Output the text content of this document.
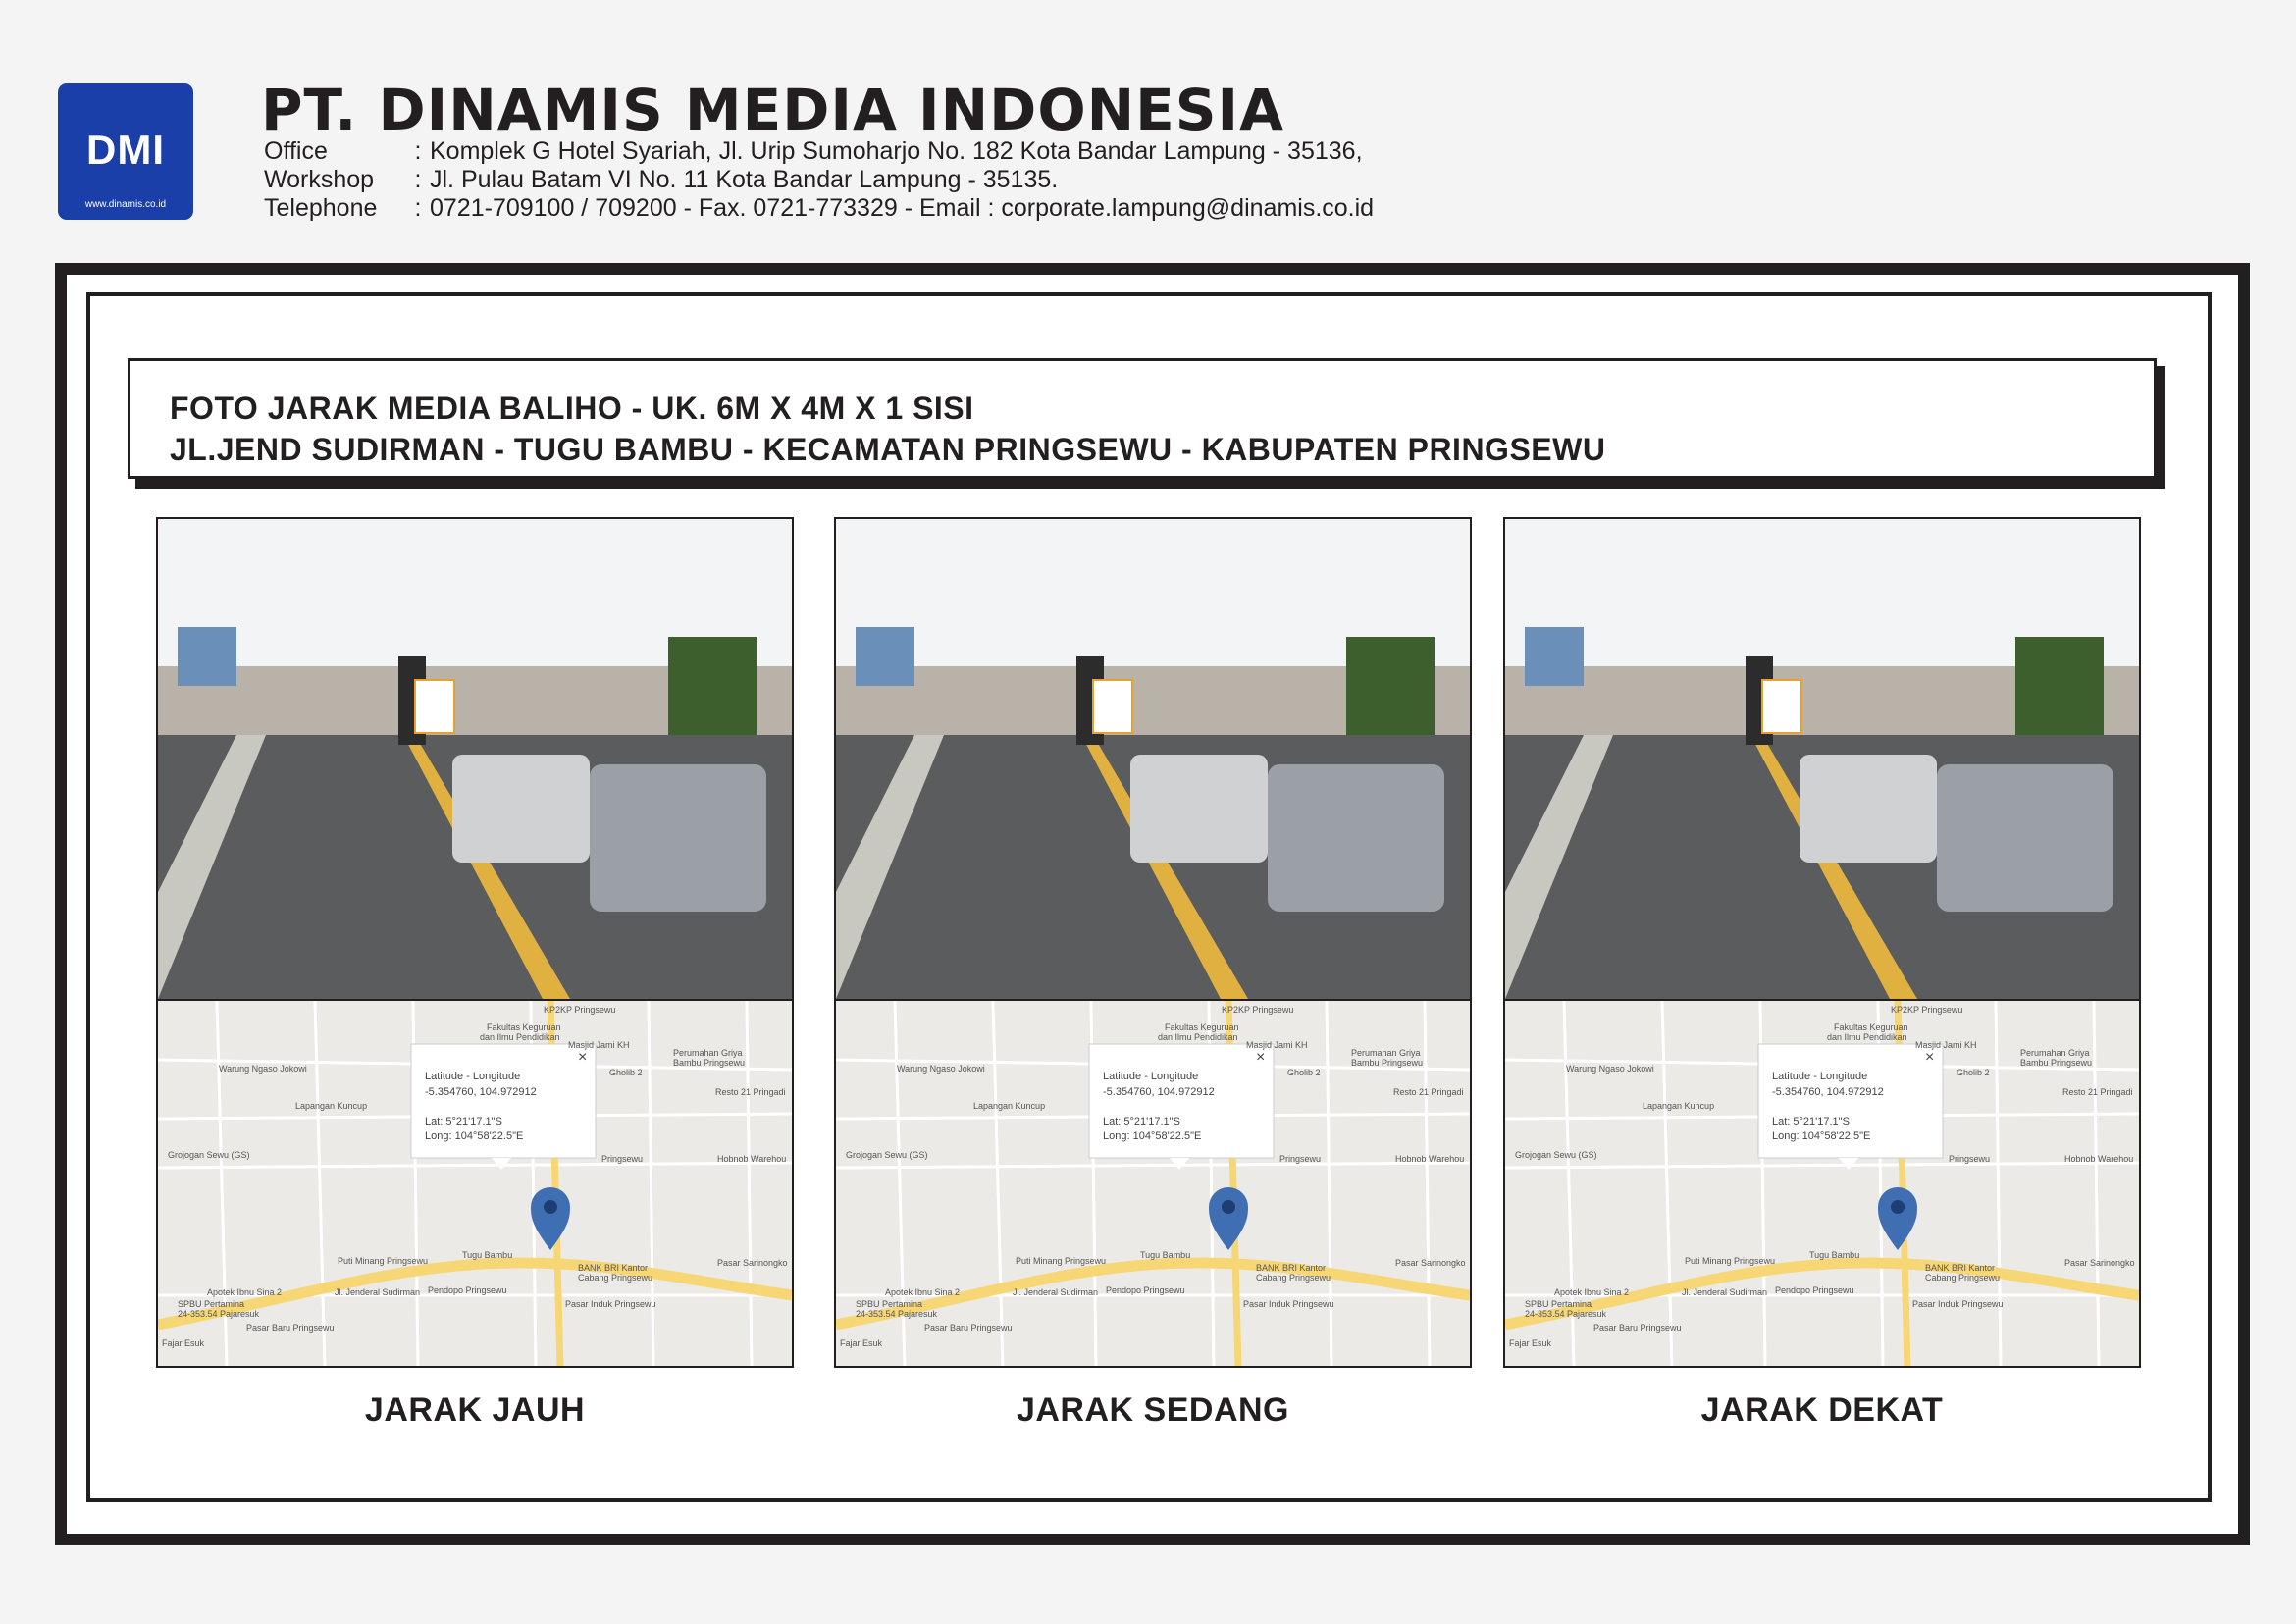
DMI
www.dinamis.co.id
PT. DINAMIS MEDIA INDONESIA
Office	: Komplek G Hotel Syariah, Jl. Urip Sumoharjo No. 182 Kota Bandar Lampung - 35136,
Workshop : Jl. Pulau Batam VI No. 11 Kota Bandar Lampung - 35135.
Telephone : 0721-709100 / 709200 - Fax. 0721-773329 - Email : corporate.lampung@dinamis.co.id
FOTO JARAK MEDIA BALIHO - UK. 6M X 4M X 1 SISI
JL.JEND SUDIRMAN - TUGU BAMBU - KECAMATAN PRINGSEWU - KABUPATEN PRINGSEWU
Latitude - Longitude
-5.354760, 104.972912
Lat: 5°21'17.1"S
Long: 104°58'22.5"E
×
KP2KP Pringsewu
Fakultas Keguruan
dan Ilmu Pendidikan
Masjid Jami KH
Perumahan Griya
Bambu Pringsewu
Warung Ngaso Jokowi	Gholib 2
Resto 21 Pringadi
Lapangan Kuncup
Grojogan Sewu (GS)	Hobnob Warehou
Pringsewu
Puti Minang Pringsewu
Tugu Bambu
BANK BRI Kantor
Cabang Pringsewu
Pasar Sarinongko
Apotek Ibnu Sina 2	Jl. Jenderal Sudirman Pendopo Pringsewu
SPBU Pertamina
24-353.54 Pajaresuk
Pasar Induk Pringsewu
Pasar Baru Pringsewu
Fajar Esuk
Latitude - Longitude
-5.354760, 104.972912
Lat: 5°21'17.1"S
Long: 104°58'22.5"E
×
KP2KP Pringsewu
Fakultas Keguruan
dan Ilmu Pendidikan
Masjid Jami KH
Perumahan Griya
Bambu Pringsewu
Warung Ngaso Jokowi	Gholib 2
Resto 21 Pringadi
Lapangan Kuncup
Grojogan Sewu (GS)	Hobnob Warehou
Pringsewu
Puti Minang Pringsewu
Tugu Bambu
BANK BRI Kantor
Cabang Pringsewu
Pasar Sarinongko
Apotek Ibnu Sina 2	Jl. Jenderal Sudirman Pendopo Pringsewu
SPBU Pertamina
24-353.54 Pajaresuk
Pasar Induk Pringsewu
Pasar Baru Pringsewu
Fajar Esuk
Latitude - Longitude
-5.354760, 104.972912
Lat: 5°21'17.1"S
Long: 104°58'22.5"E
×
KP2KP Pringsewu
Fakultas Keguruan
dan Ilmu Pendidikan
Masjid Jami KH
Perumahan Griya
Bambu Pringsewu
Warung Ngaso Jokowi	Gholib 2
Resto 21 Pringadi
Lapangan Kuncup
Grojogan Sewu (GS)	Hobnob Warehou
Pringsewu
Puti Minang Pringsewu
Tugu Bambu
BANK BRI Kantor
Cabang Pringsewu
Pasar Sarinongko
Apotek Ibnu Sina 2	Jl. Jenderal Sudirman Pendopo Pringsewu
SPBU Pertamina
24-353.54 Pajaresuk
Pasar Induk Pringsewu
Pasar Baru Pringsewu
Fajar Esuk
JARAK JAUH	JARAK SEDANG	JARAK DEKAT
